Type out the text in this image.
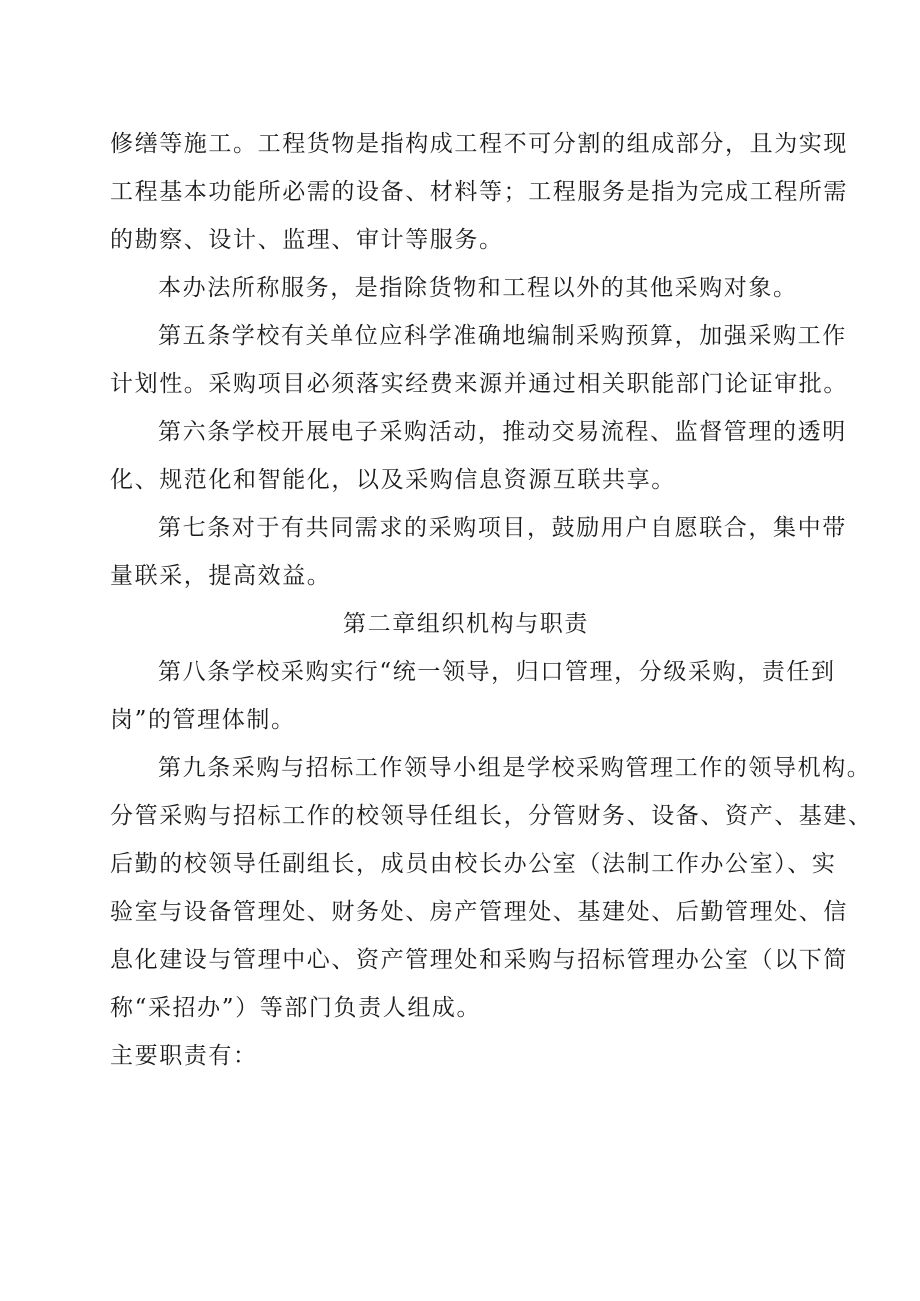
修缮等施工。工程货物是指构成工程不可分割的组成部分，且为实现

工程基本功能所必需的设备、材料等；工程服务是指为完成工程所需

的勘察、设计、监理、审计等服务。

本办法所称服务，是指除货物和工程以外的其他采购对象。

第五条学校有关单位应科学准确地编制采购预算，加强采购工作

计划性。采购项目必须落实经费来源并通过相关职能部门论证审批。

第六条学校开展电子采购活动，推动交易流程、监督管理的透明

化、规范化和智能化，以及采购信息资源互联共享。

第七条对于有共同需求的采购项目，鼓励用户自愿联合，集中带

量联采，提高效益。

第二章组织机构与职责

第八条学校采购实行“统一领导，归口管理，分级采购，责任到

岗”的管理体制。

第九条采购与招标工作领导小组是学校采购管理工作的领导机构。

分管采购与招标工作的校领导任组长，分管财务、设备、资产、基建、

后勤的校领导任副组长，成员由校长办公室（法制工作办公室）、实

验室与设备管理处、财务处、房产管理处、基建处、后勤管理处、信

息化建设与管理中心、资产管理处和采购与招标管理办公室（以下简

称“采招办”）等部门负责人组成。

主要职责有：
